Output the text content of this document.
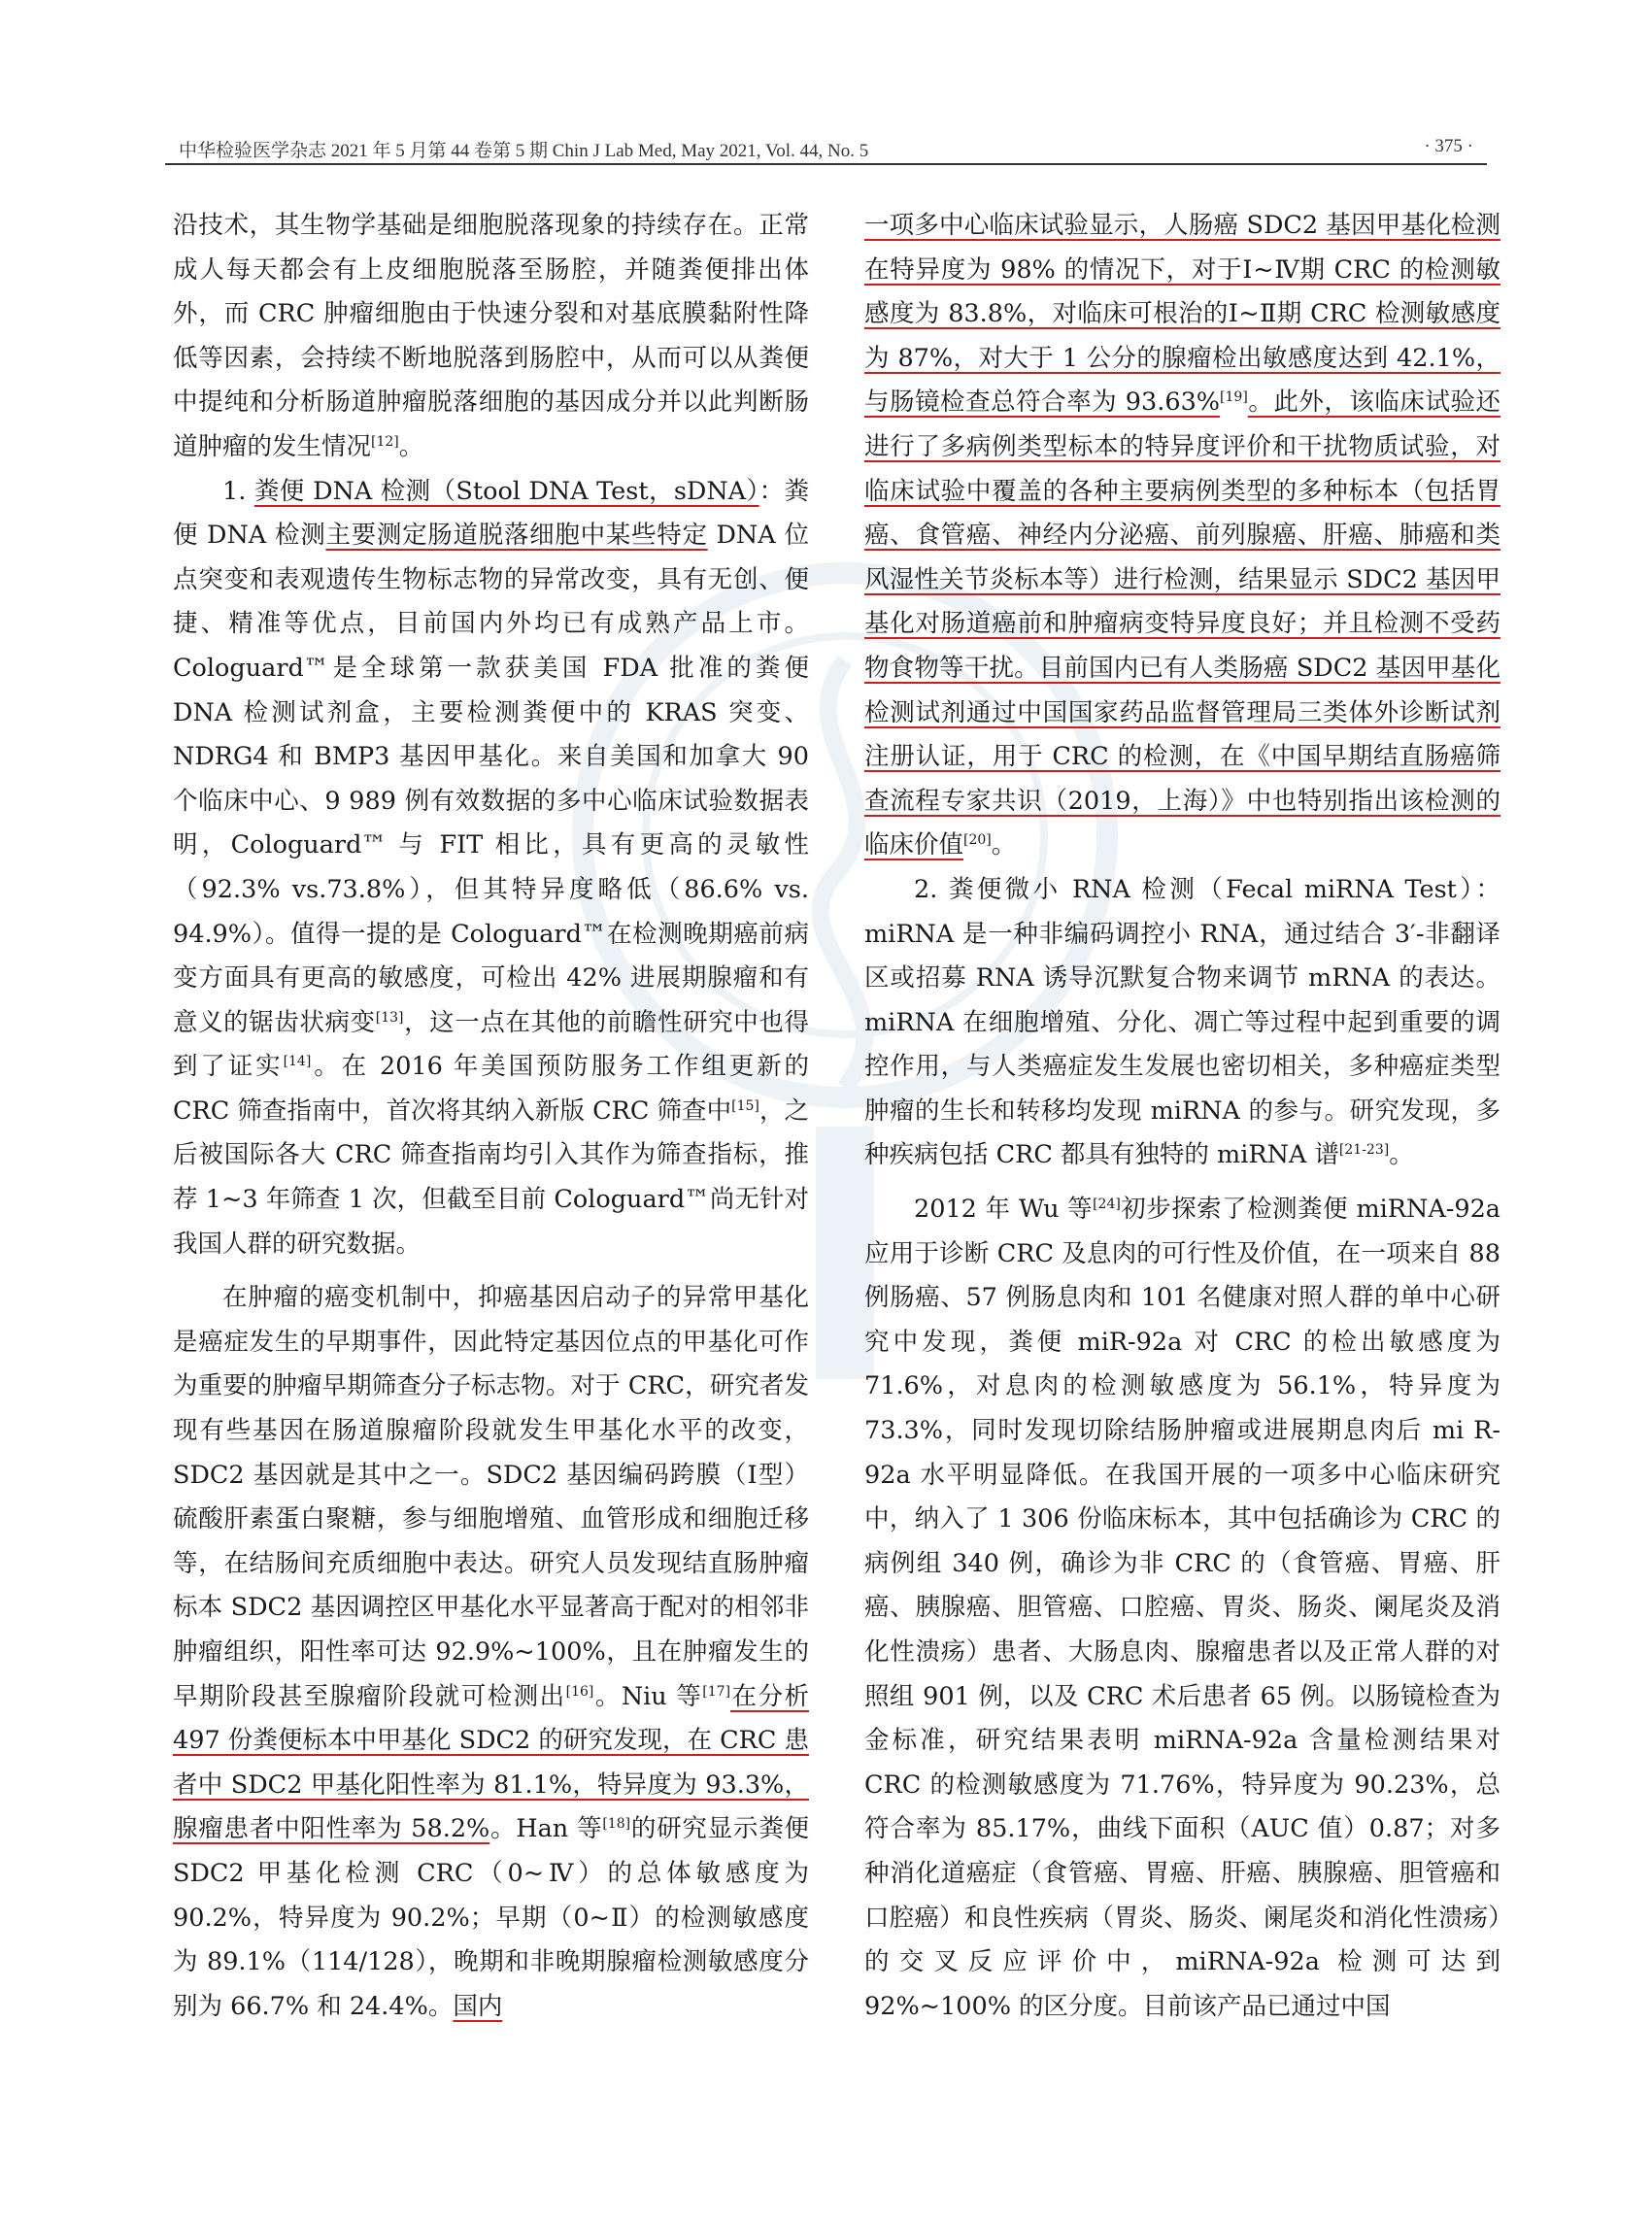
中华检验医学杂志 2021 年 5 月第 44 卷第 5 期 Chin J Lab Med, May 2021, Vol. 44, No. 5	· 375 ·

沿技术，其生物学基础是细胞脱落现象的持续存在。正常成人每天都会有上皮细胞脱落至肠腔，并随粪便排出体外，而 CRC 肿瘤细胞由于快速分裂和对基底膜黏附性降低等因素，会持续不断地脱落到肠腔中，从而可以从粪便中提纯和分析肠道肿瘤脱落细胞的基因成分并以此判断肠道肿瘤的发生情况[12]。

1. 粪便 DNA 检测（Stool DNA Test，sDNA）：粪便 DNA 检测主要测定肠道脱落细胞中某些特定 DNA 位点突变和表观遗传生物标志物的异常改变，具有无创、便捷、精准等优点，目前国内外均已有成熟产品上市。Cologuard™是全球第一款获美国 FDA 批准的粪便 DNA 检测试剂盒，主要检测粪便中的 KRAS 突变、NDRG4 和 BMP3 基因甲基化。来自美国和加拿大 90 个临床中心、9 989 例有效数据的多中心临床试验数据表明，Cologuard™ 与 FIT 相比，具有更高的灵敏性（92.3% vs.73.8%），但其特异度略低（86.6% vs. 94.9%）。值得一提的是 Cologuard™在检测晚期癌前病变方面具有更高的敏感度，可检出 42% 进展期腺瘤和有意义的锯齿状病变[13]，这一点在其他的前瞻性研究中也得到了证实[14]。在 2016 年美国预防服务工作组更新的 CRC 筛查指南中，首次将其纳入新版 CRC 筛查中[15]，之后被国际各大 CRC 筛查指南均引入其作为筛查指标，推荐 1~3 年筛查 1 次，但截至目前 Cologuard™尚无针对我国人群的研究数据。

在肿瘤的癌变机制中，抑癌基因启动子的异常甲基化是癌症发生的早期事件，因此特定基因位点的甲基化可作为重要的肿瘤早期筛查分子标志物。对于 CRC，研究者发现有些基因在肠道腺瘤阶段就发生甲基化水平的改变，SDC2 基因就是其中之一。SDC2 基因编码跨膜（Ⅰ型）硫酸肝素蛋白聚糖，参与细胞增殖、血管形成和细胞迁移等，在结肠间充质细胞中表达。研究人员发现结直肠肿瘤标本 SDC2 基因调控区甲基化水平显著高于配对的相邻非肿瘤组织，阳性率可达 92.9%~100%，且在肿瘤发生的早期阶段甚至腺瘤阶段就可检测出[16]。Niu 等[17]在分析 497 份粪便标本中甲基化 SDC2 的研究发现，在 CRC 患者中 SDC2 甲基化阳性率为 81.1%，特异度为 93.3%，腺瘤患者中阳性率为 58.2%。Han 等[18]的研究显示粪便 SDC2 甲基化检测 CRC（0~Ⅳ）的总体敏感度为 90.2%，特异度为 90.2%；早期（0~Ⅱ）的检测敏感度为 89.1%（114/128），晚期和非晚期腺瘤检测敏感度分别为 66.7% 和 24.4%。国内

一项多中心临床试验显示，人肠癌 SDC2 基因甲基化检测在特异度为 98% 的情况下，对于Ⅰ~Ⅳ期 CRC 的检测敏感度为 83.8%，对临床可根治的Ⅰ~Ⅱ期 CRC 检测敏感度为 87%，对大于 1 公分的腺瘤检出敏感度达到 42.1%，与肠镜检查总符合率为 93.63%[19]。此外，该临床试验还进行了多病例类型标本的特异度评价和干扰物质试验，对临床试验中覆盖的各种主要病例类型的多种标本（包括胃癌、食管癌、神经内分泌癌、前列腺癌、肝癌、肺癌和类风湿性关节炎标本等）进行检测，结果显示 SDC2 基因甲基化对肠道癌前和肿瘤病变特异度良好；并且检测不受药物食物等干扰。目前国内已有人类肠癌 SDC2 基因甲基化检测试剂通过中国国家药品监督管理局三类体外诊断试剂注册认证，用于 CRC 的检测，在《中国早期结直肠癌筛查流程专家共识（2019，上海）》中也特别指出该检测的临床价值[20]。

2. 粪便微小 RNA 检测（Fecal miRNA Test）：miRNA 是一种非编码调控小 RNA，通过结合 3′-非翻译区或招募 RNA 诱导沉默复合物来调节 mRNA 的表达。miRNA 在细胞增殖、分化、凋亡等过程中起到重要的调控作用，与人类癌症发生发展也密切相关，多种癌症类型肿瘤的生长和转移均发现 miRNA 的参与。研究发现，多种疾病包括 CRC 都具有独特的 miRNA 谱[21-23]。

2012 年 Wu 等[24]初步探索了检测粪便 miRNA-92a 应用于诊断 CRC 及息肉的可行性及价值，在一项来自 88 例肠癌、57 例肠息肉和 101 名健康对照人群的单中心研究中发现，粪便 miR-92a 对 CRC 的检出敏感度为 71.6%，对息肉的检测敏感度为 56.1%，特异度为 73.3%，同时发现切除结肠肿瘤或进展期息肉后 mi R-92a 水平明显降低。在我国开展的一项多中心临床研究中，纳入了 1 306 份临床标本，其中包括确诊为 CRC 的病例组 340 例，确诊为非 CRC 的（食管癌、胃癌、肝癌、胰腺癌、胆管癌、口腔癌、胃炎、肠炎、阑尾炎及消化性溃疡）患者、大肠息肉、腺瘤患者以及正常人群的对照组 901 例，以及 CRC 术后患者 65 例。以肠镜检查为金标准，研究结果表明 miRNA-92a 含量检测结果对 CRC 的检测敏感度为 71.76%，特异度为 90.23%，总符合率为 85.17%，曲线下面积（AUC 值）0.87；对多种消化道癌症（食管癌、胃癌、肝癌、胰腺癌、胆管癌和口腔癌）和良性疾病（胃炎、肠炎、阑尾炎和消化性溃疡）的交叉反应评价中，miRNA-92a 检测可达到 92%~100% 的区分度。目前该产品已通过中国
